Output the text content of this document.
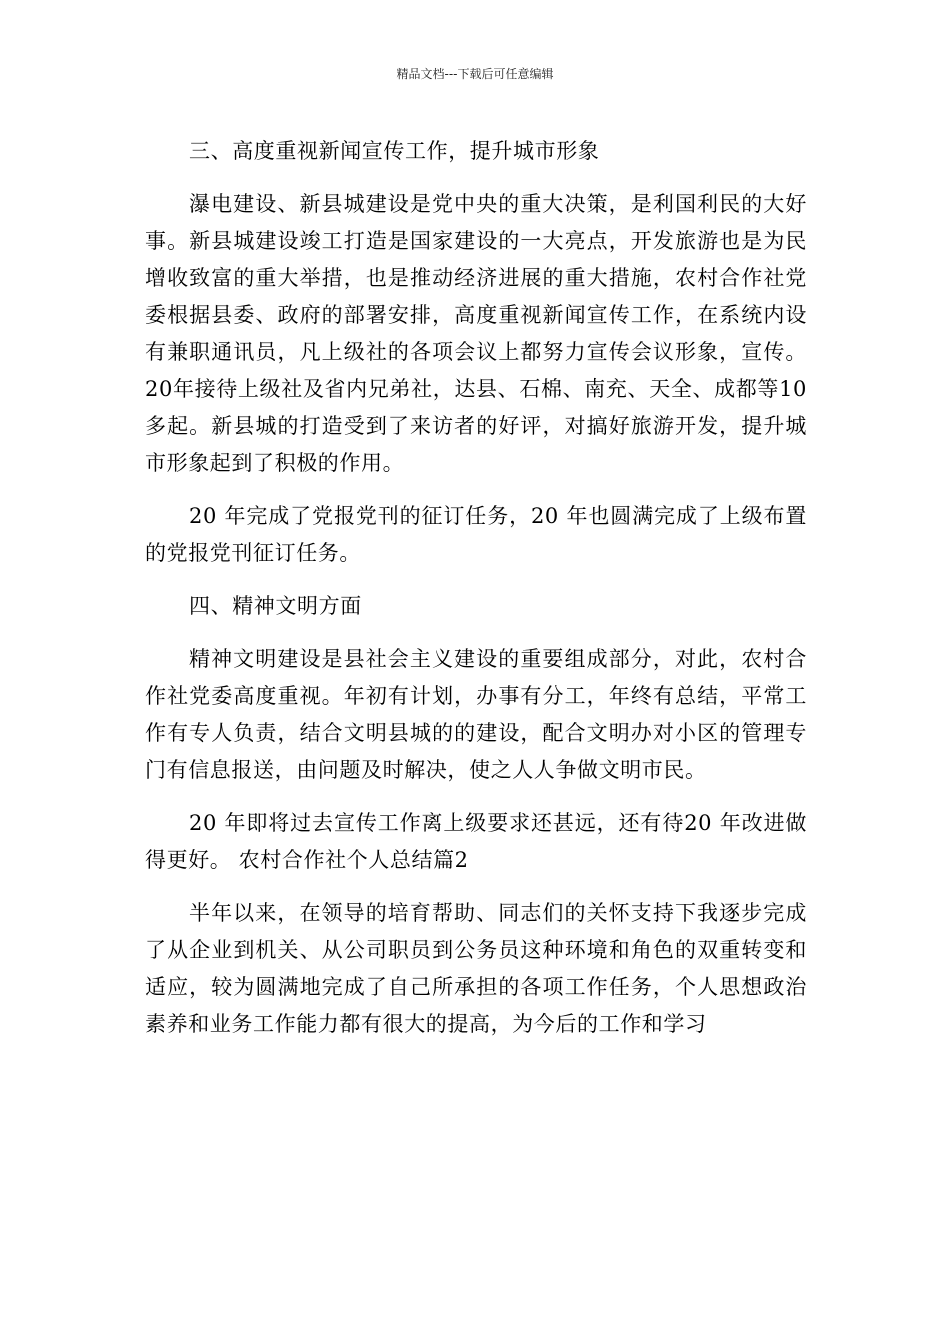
精品文档---下载后可任意编辑

三、高度重视新闻宣传工作，提升城市形象

瀑电建设、新县城建设是党中央的重大决策，是利国利民的大好事。新县城建设竣工打造是国家建设的一大亮点，开发旅游也是为民增收致富的重大举措，也是推动经济进展的重大措施，农村合作社党委根据县委、政府的部署安排，高度重视新闻宣传工作，在系统内设有兼职通讯员，凡上级社的各项会议上都努力宣传会议形象，宣传。20年接待上级社及省内兄弟社，达县、石棉、南充、天全、成都等10多起。新县城的打造受到了来访者的好评，对搞好旅游开发，提升城市形象起到了积极的作用。

20 年完成了党报党刊的征订任务，20 年也圆满完成了上级布置的党报党刊征订任务。

四、精神文明方面

精神文明建设是县社会主义建设的重要组成部分，对此，农村合作社党委高度重视。年初有计划，办事有分工，年终有总结，平常工作有专人负责，结合文明县城的的建设，配合文明办对小区的管理专门有信息报送，由问题及时解决，使之人人争做文明市民。

20 年即将过去宣传工作离上级要求还甚远，还有待20 年改进做得更好。 农村合作社个人总结篇2

半年以来，在领导的培育帮助、同志们的关怀支持下我逐步完成了从企业到机关、从公司职员到公务员这种环境和角色的双重转变和适应，较为圆满地完成了自己所承担的各项工作任务，个人思想政治素养和业务工作能力都有很大的提高，为今后的工作和学习
